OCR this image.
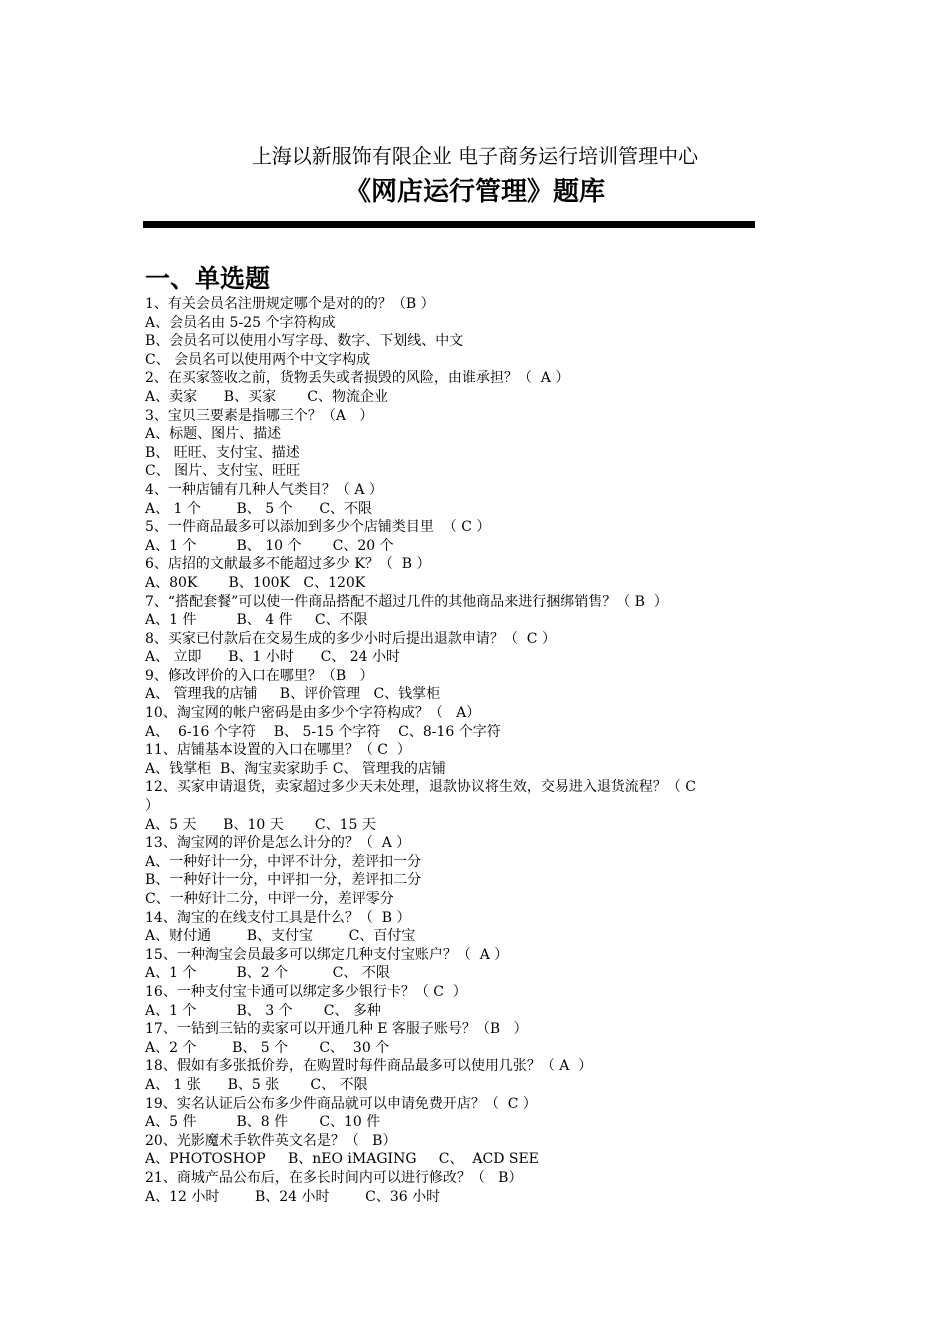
上海以新服饰有限企业 电子商务运行培训管理中心
《网店运行管理》题库
一、单选题
1、有关会员名注册规定哪个是对的的？（B ）
A、会员名由 5-25 个字符构成
B、会员名可以使用小写字母、数字、下划线、中文
C、 会员名可以使用两个中文字构成
2、在买家签收之前，货物丢失或者损毁的风险，由谁承担？（  A ）
A、卖家      B、买家       C、物流企业
3、宝贝三要素是指哪三个？（A   ）
A、标题、图片、描述
B、 旺旺、支付宝、描述
C、 图片、支付宝、旺旺
4、一种店铺有几种人气类目？（ A ）
A、 1 个        B、 5 个      C、不限
5、一件商品最多可以添加到多少个店铺类目里  （ C ）
A、1 个         B、 10 个       C、20 个
6、店招的文献最多不能超过多少 K？（  B ）
A、80K       B、100K   C、120K
7、“搭配套餐”可以使一件商品搭配不超过几件的其他商品来进行捆绑销售？（ B  ）
A、1 件         B、 4 件     C、不限
8、买家已付款后在交易生成的多少小时后提出退款申请？（  C ）
A、 立即      B、1 小时      C、 24 小时
9、修改评价的入口在哪里？（B   ）
A、 管理我的店铺     B、评价管理   C、钱掌柜
10、淘宝网的帐户密码是由多少个字符构成？（   A）
A、  6-16 个字符    B、 5-15 个字符    C、8-16 个字符
11、店铺基本设置的入口在哪里？（ C  ）
A、钱掌柜  B、淘宝卖家助手 C、 管理我的店铺
12、买家申请退货，卖家超过多少天未处理，退款协议将生效，交易进入退货流程？（ C
）
A、5 天      B、10 天       C、15 天
13、淘宝网的评价是怎么计分的？（  A ）
A、一种好计一分，中评不计分，差评扣一分
B、一种好计一分，中评扣一分，差评扣二分
C、一种好计二分，中评一分，差评零分
14、淘宝的在线支付工具是什么？（  B ）
A、财付通        B、支付宝        C、百付宝
15、一种淘宝会员最多可以绑定几种支付宝账户？（  A ）
A、1 个         B、2 个          C、 不限
16、一种支付宝卡通可以绑定多少银行卡？（ C  ）
A、1 个         B、 3 个       C、 多种
17、一钻到三钻的卖家可以开通几种 E 客服子账号？（B   ）
A、2 个        B、 5 个       C、  30 个
18、假如有多张抵价券，在购置时每件商品最多可以使用几张？（ A  ）
A、 1 张      B、5 张       C、 不限
19、实名认证后公布多少件商品就可以申请免费开店？（  C ）
A、5 件         B、8 件       C、10 件
20、光影魔术手软件英文名是？（   B）
A、PHOTOSHOP     B、nEO iMAGING     C、  ACD SEE
21、商城产品公布后，在多长时间内可以进行修改？（   B）
A、12 小时        B、24 小时        C、36 小时
